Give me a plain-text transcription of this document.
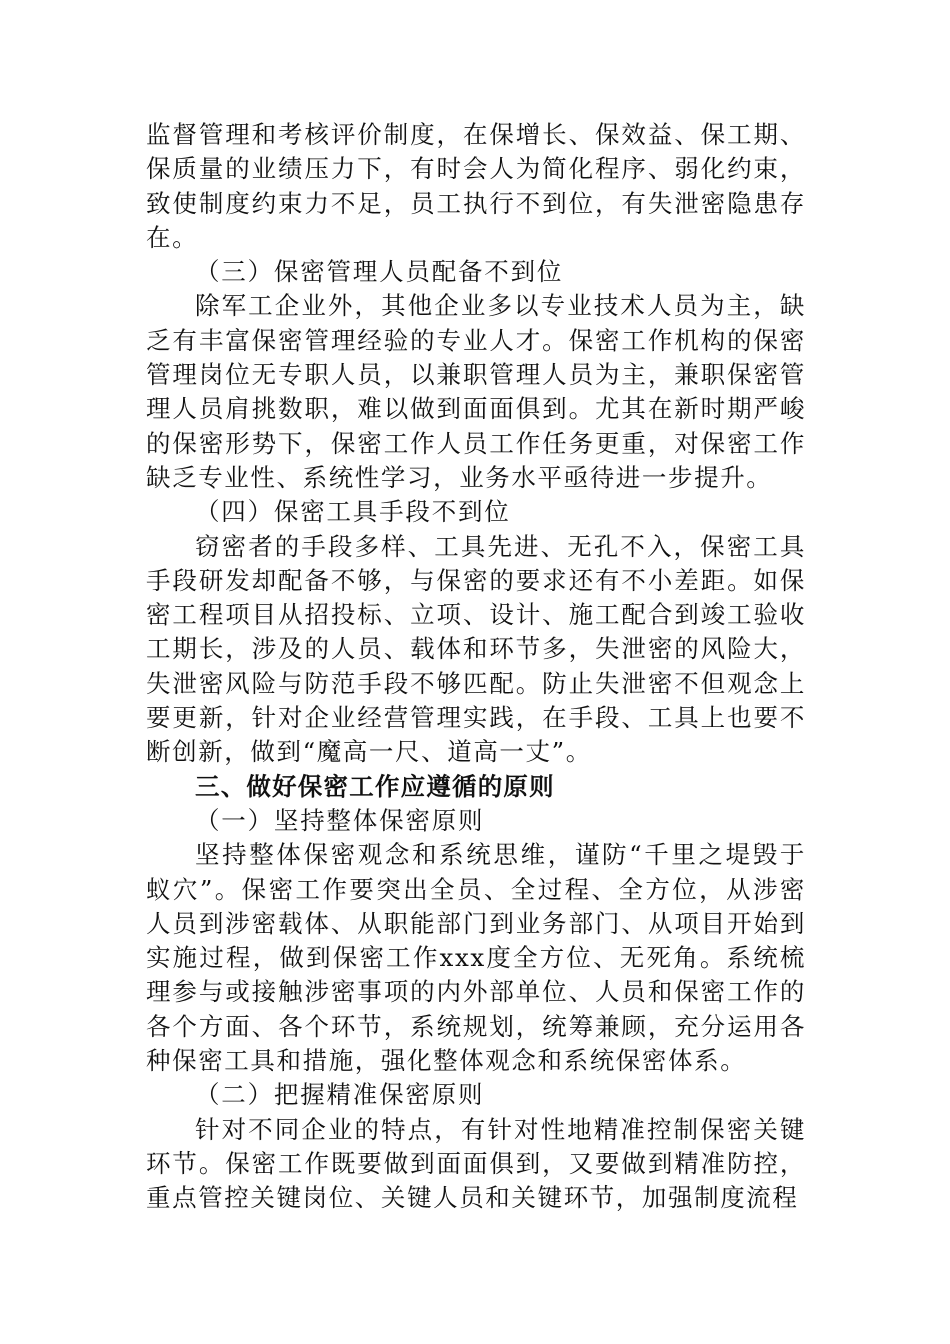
监督管理和考核评价制度，在保增长、保效益、保工期、保质量的业绩压力下，有时会人为简化程序、弱化约束，致使制度约束力不足，员工执行不到位，有失泄密隐患存在。

（三）保密管理人员配备不到位

除军工企业外，其他企业多以专业技术人员为主，缺乏有丰富保密管理经验的专业人才。保密工作机构的保密管理岗位无专职人员，以兼职管理人员为主，兼职保密管理人员肩挑数职，难以做到面面俱到。尤其在新时期严峻的保密形势下，保密工作人员工作任务更重，对保密工作缺乏专业性、系统性学习，业务水平亟待进一步提升。

（四）保密工具手段不到位

窃密者的手段多样、工具先进、无孔不入，保密工具手段研发却配备不够，与保密的要求还有不小差距。如保密工程项目从招投标、立项、设计、施工配合到竣工验收工期长，涉及的人员、载体和环节多，失泄密的风险大，失泄密风险与防范手段不够匹配。防止失泄密不但观念上要更新，针对企业经营管理实践，在手段、工具上也要不断创新，做到“魔高一尺、道高一丈”。

三、做好保密工作应遵循的原则

（一）坚持整体保密原则

坚持整体保密观念和系统思维，谨防“千里之堤毁于蚁穴”。保密工作要突出全员、全过程、全方位，从涉密人员到涉密载体、从职能部门到业务部门、从项目开始到实施过程，做到保密工作xxx度全方位、无死角。系统梳理参与或接触涉密事项的内外部单位、人员和保密工作的各个方面、各个环节，系统规划，统筹兼顾，充分运用各种保密工具和措施，强化整体观念和系统保密体系。

（二）把握精准保密原则

针对不同企业的特点，有针对性地精准控制保密关键环节。保密工作既要做到面面俱到，又要做到精准防控，重点管控关键岗位、关键人员和关键环节，加强制度流程
